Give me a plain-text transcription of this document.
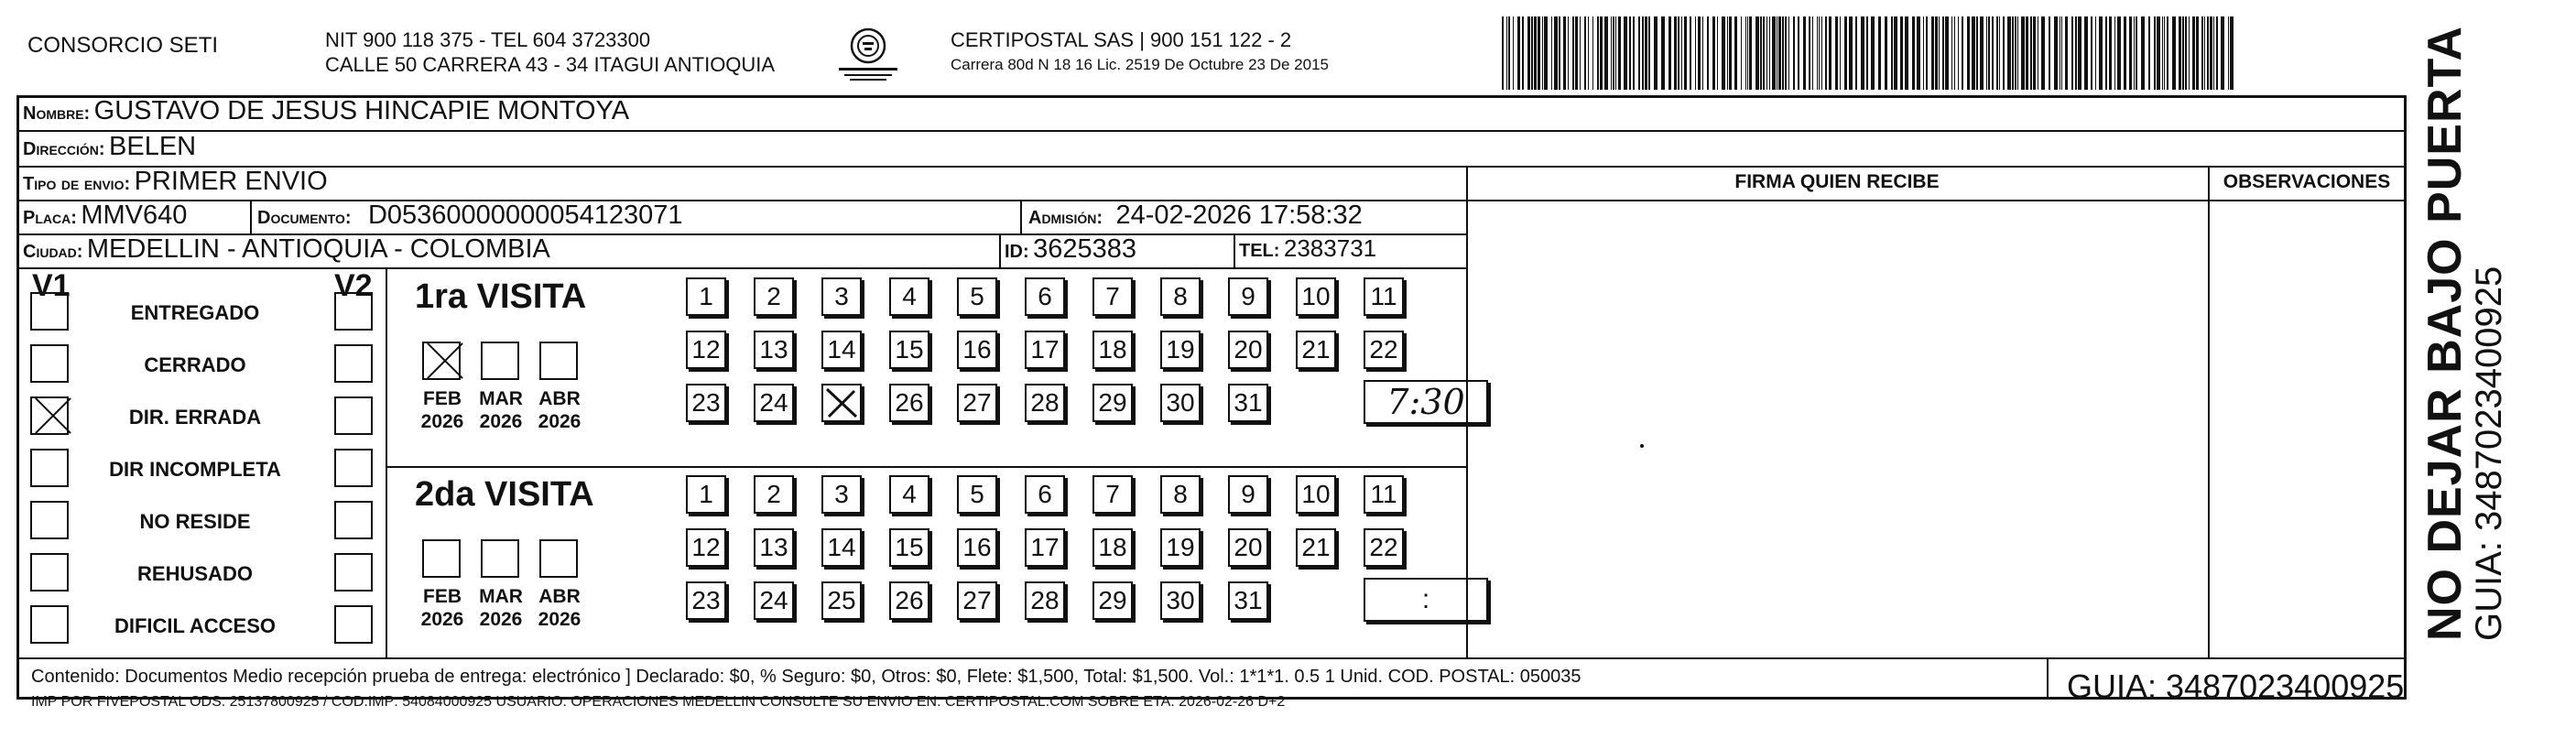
CONSORCIO SETI	NIT 900 118 375 - TEL 604 3723300
CALLE 50 CARRERA 43 - 34 ITAGUI ANTIOQUIA
CERTIPOSTAL SAS | 900 151 122 - 2
Carrera 80d N 18 16 Lic. 2519 De Octubre 23 De 2015
Nombre: GUSTAVO DE JESUS HINCAPIE MONTOYA
Dirección: BELEN
Tipo de envio: PRIMER ENVIO	FIRMA QUIEN RECIBE	OBSERVACIONES
Placa: MMV640	Documento: D05360000000054123071	Admisión: 24-02-2026 17:58:32
Ciudad: MEDELLIN - ANTIOQUIA - COLOMBIA	ID: 3625383	TEL: 2383731
V1	V2
ENTREGADO
CERRADO
DIR. ERRADA
DIR INCOMPLETA
NO RESIDE
REHUSADO
DIFICIL ACCESO
1ra VISITA
2da VISITA
FEB
2026
MAR
2026
ABR
2026
FEB
2026
MAR
2026
ABR
2026
1	2	3	4	5	6	7	8	9	10 11
12 13 14 15 16 17 18 19 20 21 22
23 24	26 27 28 29 30 31	7:30
1	2	3	4	5	6	7	8	9	10 11
12 13 14 15 16 17 18 19 20 21 22
23 24 25 26 27 28 29 30 31	:
GUIA: 3487023400925
Contenido: Documentos Medio recepción prueba de entrega: electrónico ] Declarado: $0, % Seguro: $0, Otros: $0, Flete: $1,500, Total: $1,500. Vol.: 1*1*1. 0.5 1 Unid. COD. POSTAL: 050035
IMP POR FIVEPOSTAL ODS: 25137800925 / COD.IMP: 54084000925 USUARIO: OPERACIONES MEDELLIN CONSULTE SU ENVIO EN: CERTIPOSTAL.COM SOBRE ETA: 2026-02-26 D+2
NO DEJAR BAJO PUERTA
GUIA: 3487023400925
